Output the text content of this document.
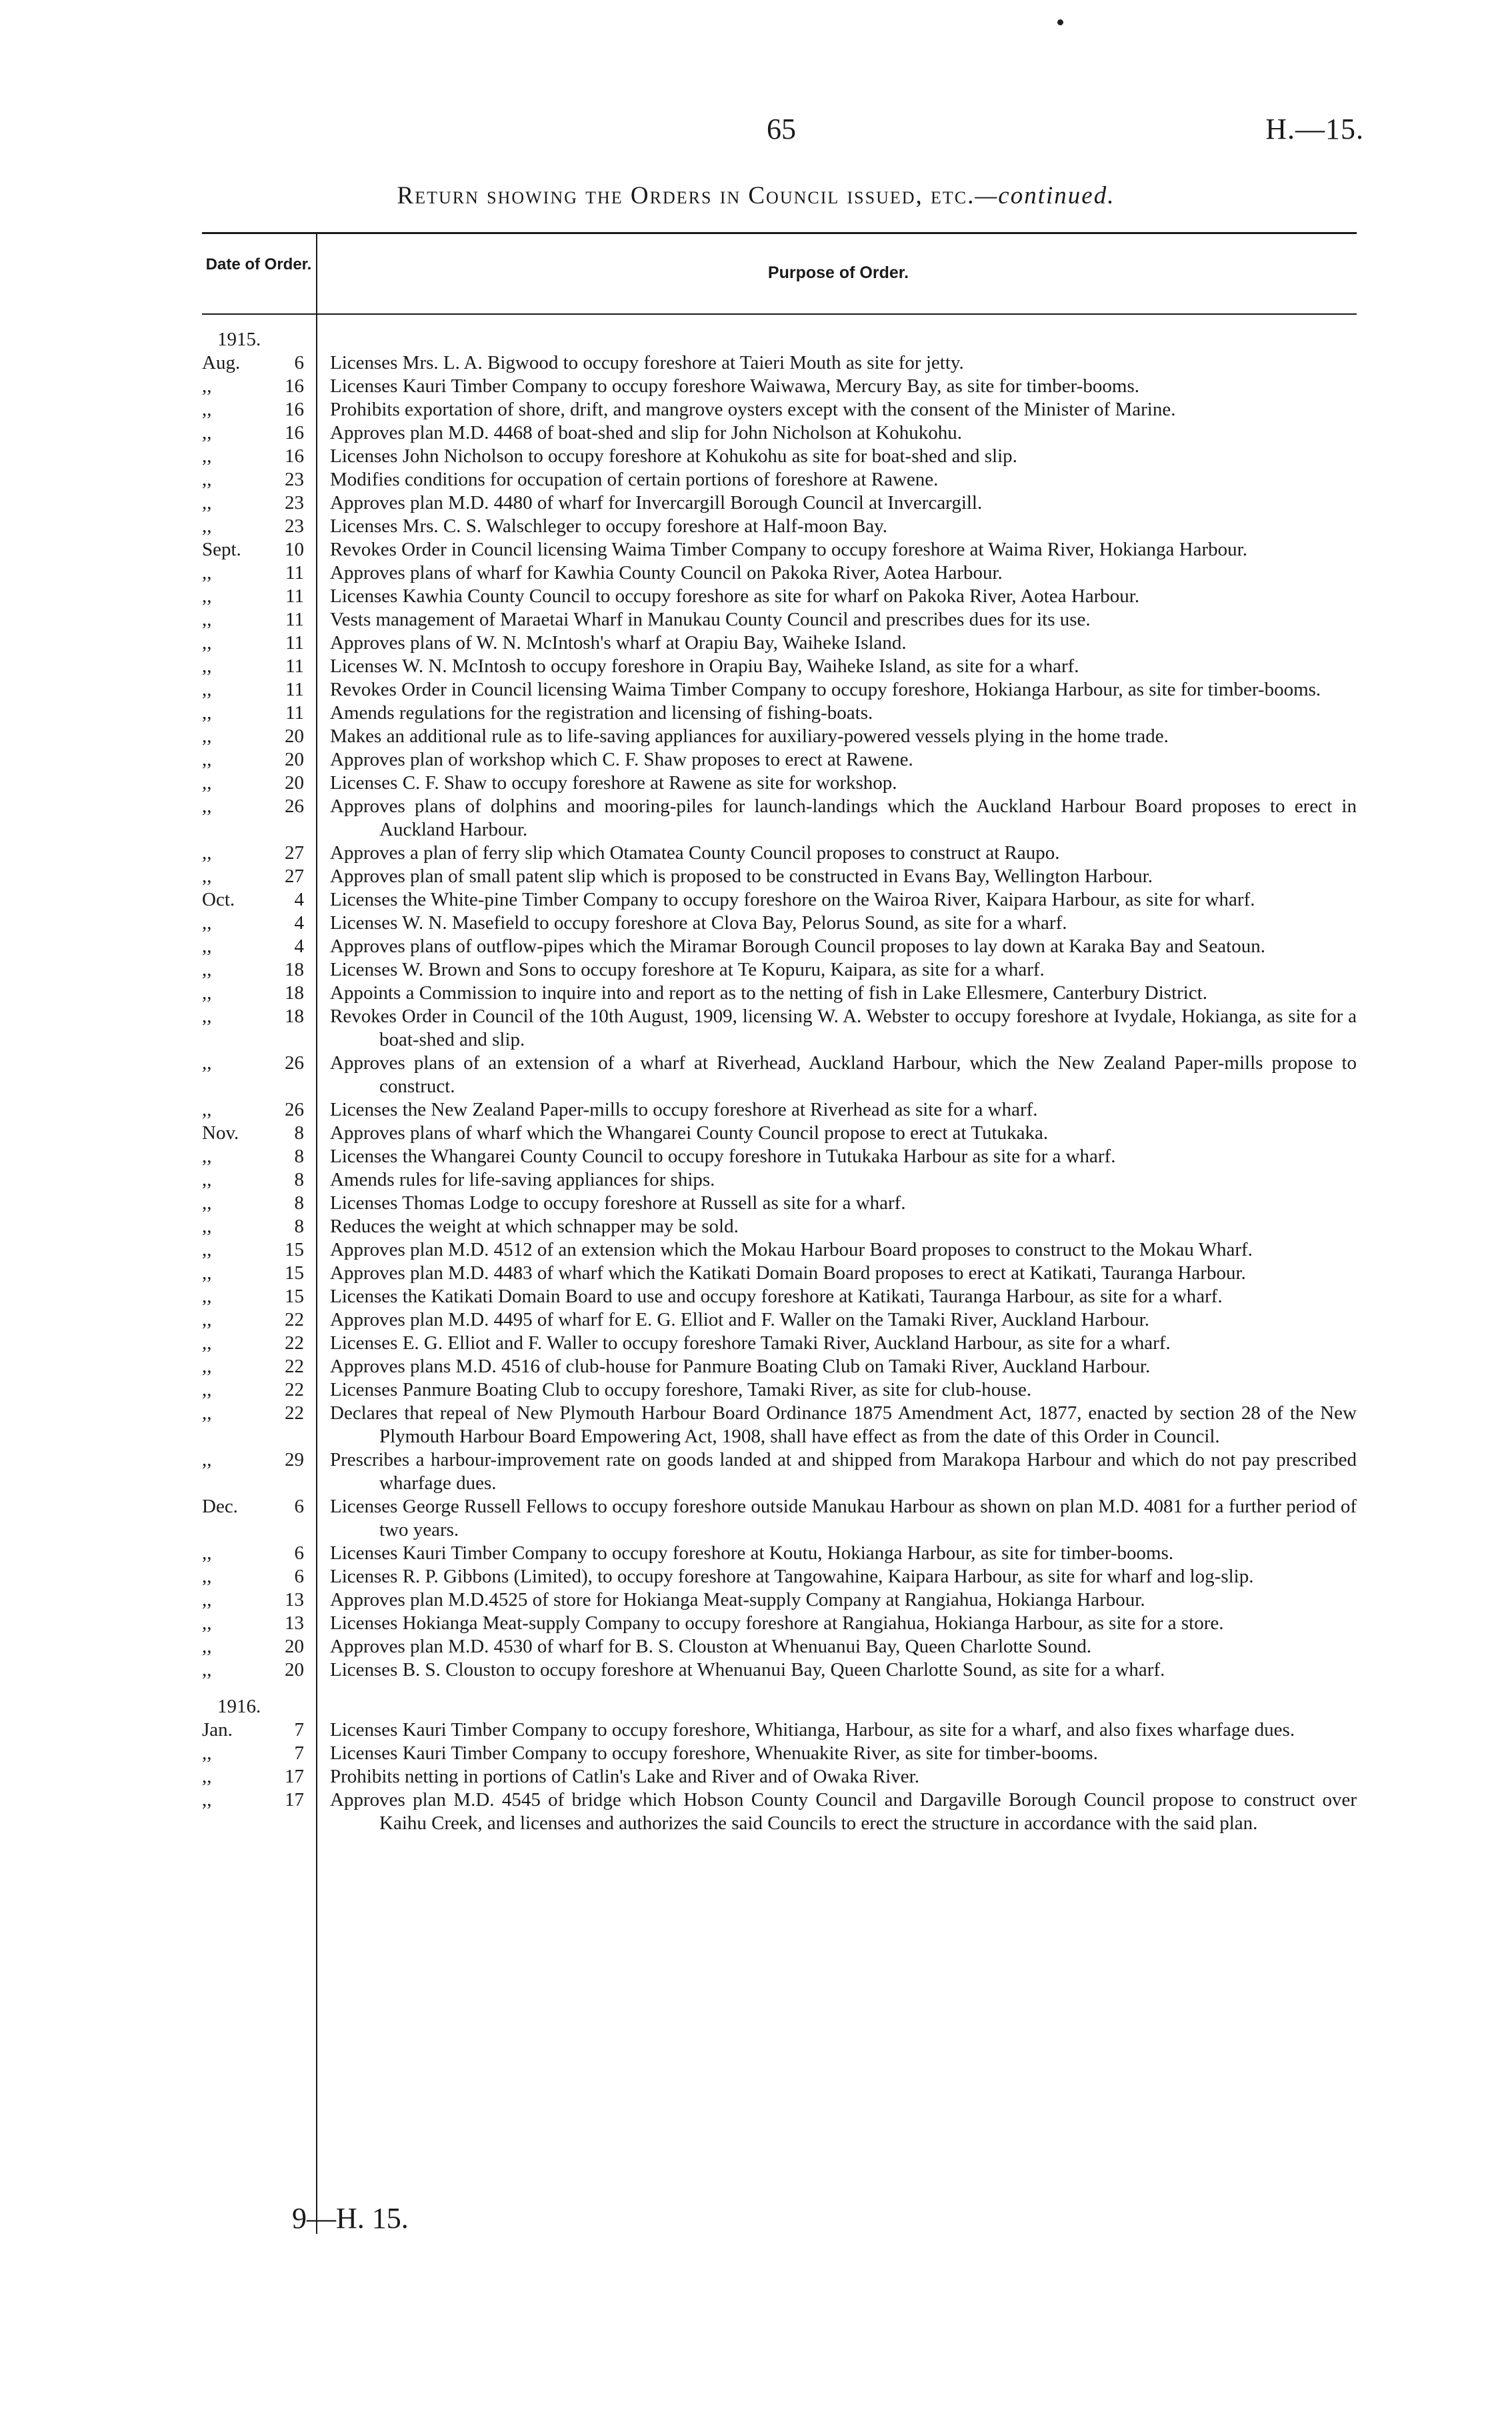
65	H.—15.
Return showing the Orders in Council issued, etc.—continued.
Date of Order.	Purpose of Order.
1915.
Aug.	6 Licenses Mrs. L. A. Bigwood to occupy foreshore at Taieri Mouth as site for jetty.
,,	16 Licenses Kauri Timber Company to occupy foreshore Waiwawa, Mercury Bay, as site for timber-booms.
,,	16 Prohibits exportation of shore, drift, and mangrove oysters except with the consent of the Minister of Marine.
,,	16 Approves plan M.D. 4468 of boat-shed and slip for John Nicholson at Kohukohu.
,,	16 Licenses John Nicholson to occupy foreshore at Kohukohu as site for boat-shed and slip.
,,	23 Modifies conditions for occupation of certain portions of foreshore at Rawene.
,,	23 Approves plan M.D. 4480 of wharf for Invercargill Borough Council at Invercargill.
,,	23 Licenses Mrs. C. S. Walschleger to occupy foreshore at Half-moon Bay.
Sept. 10 Revokes Order in Council licensing Waima Timber Company to occupy foreshore at Waima River, Hokianga Harbour.
,,	11 Approves plans of wharf for Kawhia County Council on Pakoka River, Aotea Harbour.
,,	11 Licenses Kawhia County Council to occupy foreshore as site for wharf on Pakoka River, Aotea Harbour.
,,	11 Vests management of Maraetai Wharf in Manukau County Council and prescribes dues for its use.
,,	11 Approves plans of W. N. McIntosh's wharf at Orapiu Bay, Waiheke Island.
,,	11 Licenses W. N. McIntosh to occupy foreshore in Orapiu Bay, Waiheke Island, as site for a wharf.
,,	11 Revokes Order in Council licensing Waima Timber Company to occupy foreshore, Hokianga Harbour, as site for timber-booms.
,,	11 Amends regulations for the registration and licensing of fishing-boats.
,,	20 Makes an additional rule as to life-saving appliances for auxiliary-powered vessels plying in the home trade.
,,	20 Approves plan of workshop which C. F. Shaw proposes to erect at Rawene.
,,	20 Licenses C. F. Shaw to occupy foreshore at Rawene as site for workshop.
,,	26 Approves plans of dolphins and mooring-piles for launch-landings which the Auckland Harbour Board proposes to erect in Auckland Harbour.
,,	27 Approves a plan of ferry slip which Otamatea County Council proposes to construct at Raupo.
,,	27 Approves plan of small patent slip which is proposed to be constructed in Evans Bay, Wellington Harbour.
Oct.	4 Licenses the White-pine Timber Company to occupy foreshore on the Wairoa River, Kaipara Harbour, as site for wharf.
,,	4 Licenses W. N. Masefield to occupy foreshore at Clova Bay, Pelorus Sound, as site for a wharf.
,,	4 Approves plans of outflow-pipes which the Miramar Borough Council proposes to lay down at Karaka Bay and Seatoun.
,,	18 Licenses W. Brown and Sons to occupy foreshore at Te Kopuru, Kaipara, as site for a wharf.
,,	18 Appoints a Commission to inquire into and report as to the netting of fish in Lake Ellesmere, Canterbury District.
,,	18 Revokes Order in Council of the 10th August, 1909, licensing W. A. Webster to occupy foreshore at Ivydale, Hokianga, as site for a boat-shed and slip.
,,	26 Approves plans of an extension of a wharf at Riverhead, Auckland Harbour, which the New Zealand Paper-mills propose to construct.
,,	26 Licenses the New Zealand Paper-mills to occupy foreshore at Riverhead as site for a wharf.
Nov.	8 Approves plans of wharf which the Whangarei County Council propose to erect at Tutukaka.
,,	8 Licenses the Whangarei County Council to occupy foreshore in Tutukaka Harbour as site for a wharf.
,,	8 Amends rules for life-saving appliances for ships.
,,	8 Licenses Thomas Lodge to occupy foreshore at Russell as site for a wharf.
,,	8 Reduces the weight at which schnapper may be sold.
,,	15 Approves plan M.D. 4512 of an extension which the Mokau Harbour Board proposes to construct to the Mokau Wharf.
,,	15 Approves plan M.D. 4483 of wharf which the Katikati Domain Board proposes to erect at Katikati, Tauranga Harbour.
,,	15 Licenses the Katikati Domain Board to use and occupy foreshore at Katikati, Tauranga Harbour, as site for a wharf.
,,	22 Approves plan M.D. 4495 of wharf for E. G. Elliot and F. Waller on the Tamaki River, Auckland Harbour.
,,	22 Licenses E. G. Elliot and F. Waller to occupy foreshore Tamaki River, Auckland Harbour, as site for a wharf.
,,	22 Approves plans M.D. 4516 of club-house for Panmure Boating Club on Tamaki River, Auckland Harbour.
,,	22 Licenses Panmure Boating Club to occupy foreshore, Tamaki River, as site for club-house.
,,	22 Declares that repeal of New Plymouth Harbour Board Ordinance 1875 Amendment Act, 1877, enacted by section 28 of the New Plymouth Harbour Board Empowering Act, 1908, shall have effect as from the date of this Order in Council.
,,	29 Prescribes a harbour-improvement rate on goods landed at and shipped from Marakopa Harbour and which do not pay prescribed wharfage dues.
Dec.	6 Licenses George Russell Fellows to occupy foreshore outside Manukau Harbour as shown on plan M.D. 4081 for a further period of two years.
,,	6 Licenses Kauri Timber Company to occupy foreshore at Koutu, Hokianga Harbour, as site for timber-booms.
,,	6 Licenses R. P. Gibbons (Limited), to occupy foreshore at Tangowahine, Kaipara Harbour, as site for wharf and log-slip.
,,	13 Approves plan M.D.4525 of store for Hokianga Meat-supply Company at Rangiahua, Hokianga Harbour.
,,	13 Licenses Hokianga Meat-supply Company to occupy foreshore at Rangiahua, Hokianga Harbour, as site for a store.
,,	20 Approves plan M.D. 4530 of wharf for B. S. Clouston at Whenuanui Bay, Queen Charlotte Sound.
,,	20 Licenses B. S. Clouston to occupy foreshore at Whenuanui Bay, Queen Charlotte Sound, as site for a wharf.
1916.
Jan.	7 Licenses Kauri Timber Company to occupy foreshore, Whitianga, Harbour, as site for a wharf, and also fixes wharfage dues.
,,	7 Licenses Kauri Timber Company to occupy foreshore, Whenuakite River, as site for timber-booms.
,,	17 Prohibits netting in portions of Catlin's Lake and River and of Owaka River.
,,	17 Approves plan M.D. 4545 of bridge which Hobson County Council and Dargaville Borough Council propose to construct over Kaihu Creek, and licenses and authorizes the said Councils to erect the structure in accordance with the said plan.
9—H. 15.
